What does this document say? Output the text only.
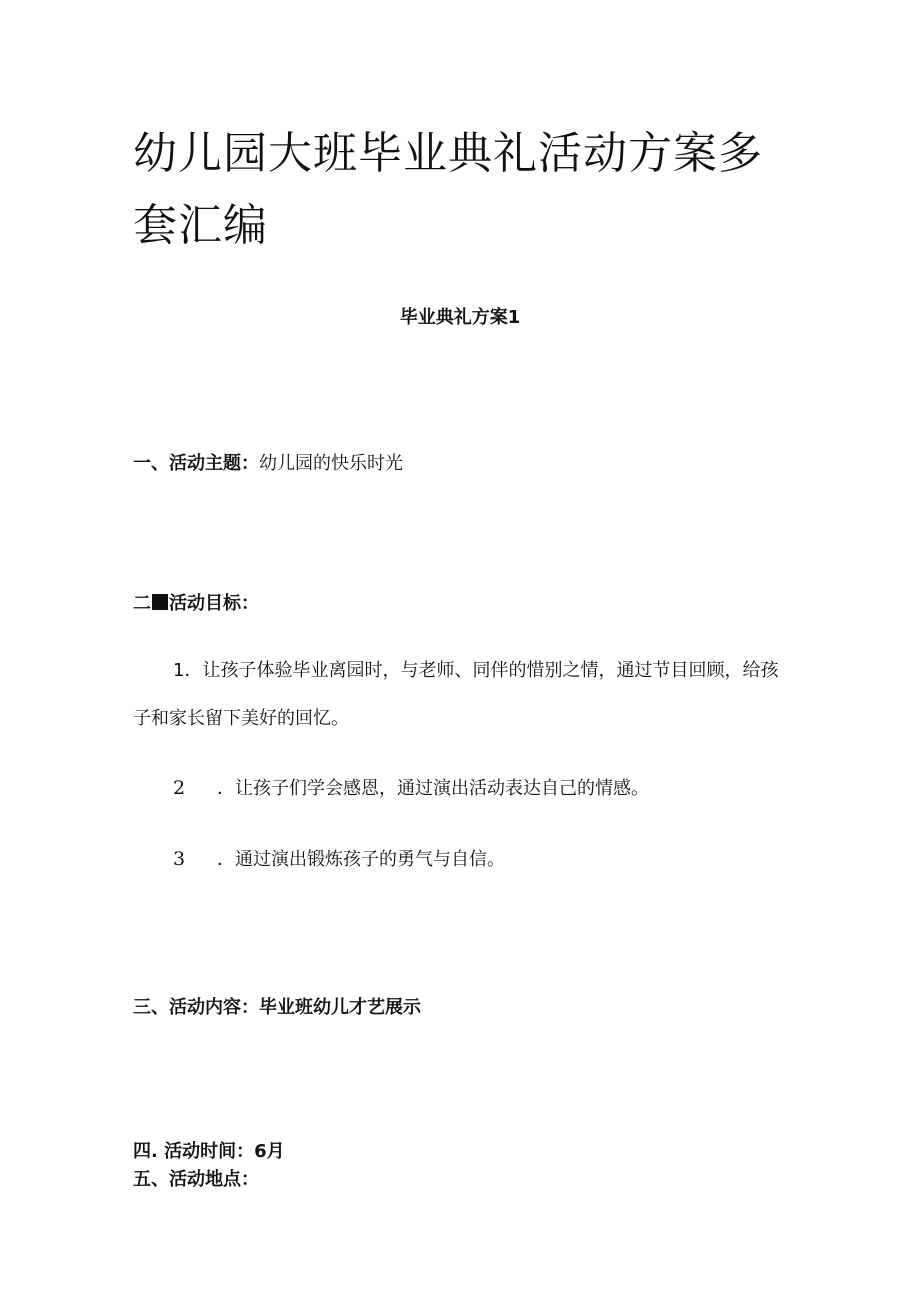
幼儿园大班毕业典礼活动方案多套汇编
毕业典礼方案1

一、活动主题：幼儿园的快乐时光

二 活动目标：

1．让孩子体验毕业离园时，与老师、同伴的惜别之情，通过节目回顾，给孩子和家长留下美好的回忆。

2 ．让孩子们学会感恩，通过演出活动表达自己的情感。

3 ．通过演出锻炼孩子的勇气与自信。

三、活动内容：毕业班幼儿才艺展示

四. 活动时间：6月

五、活动地点：
